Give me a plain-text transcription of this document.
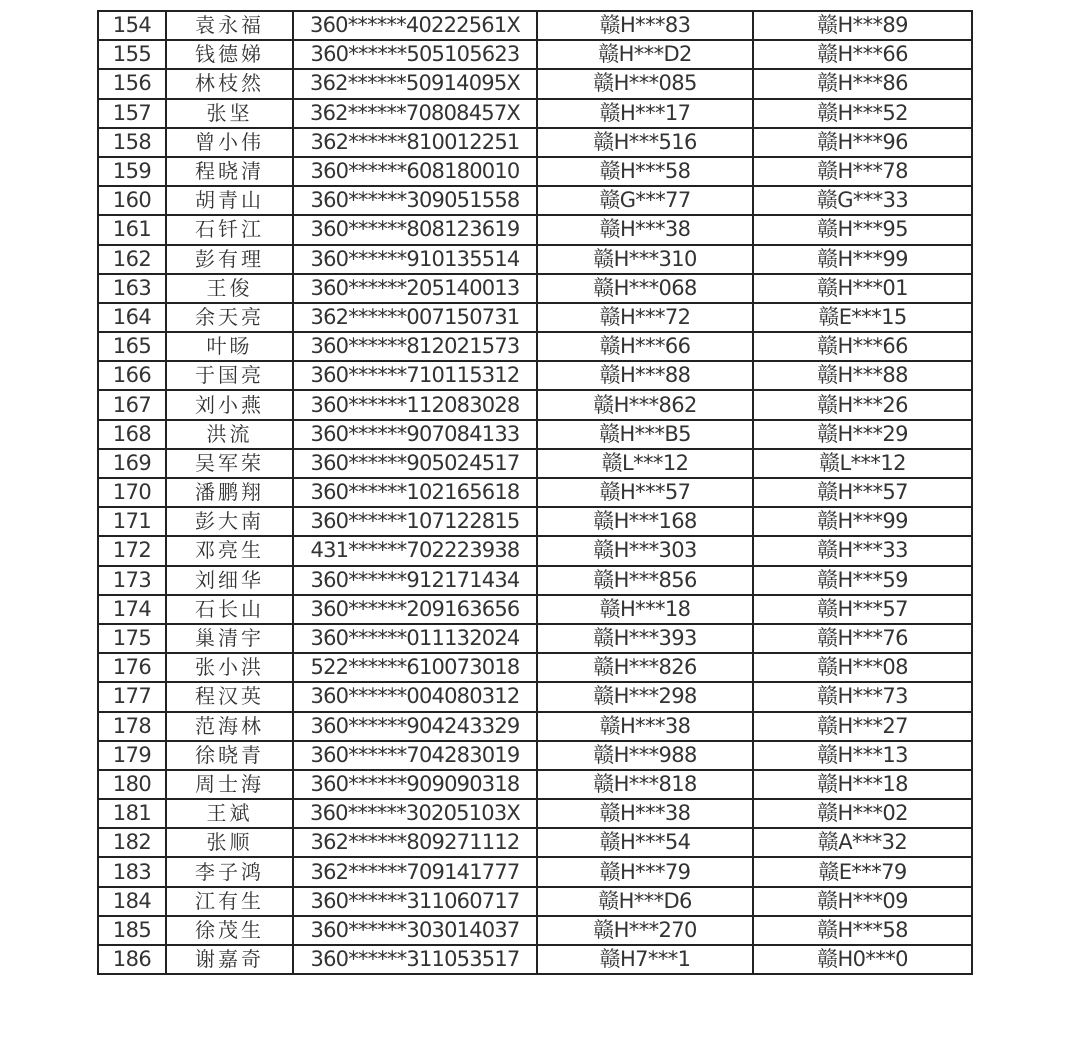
154	袁永福	360******40222561X	赣H***83	赣H***89
155	钱德娣	360******505105623	赣H***D2	赣H***66
156	林枝然	362******50914095X	赣H***085	赣H***86
157	张坚	362******70808457X	赣H***17	赣H***52
158	曾小伟	362******810012251	赣H***516	赣H***96
159	程晓清	360******608180010	赣H***58	赣H***78
160	胡青山	360******309051558	赣G***77	赣G***33
161	石钎江	360******808123619	赣H***38	赣H***95
162	彭有理	360******910135514	赣H***310	赣H***99
163	王俊	360******205140013	赣H***068	赣H***01
164	余天亮	362******007150731	赣H***72	赣E***15
165	叶旸	360******812021573	赣H***66	赣H***66
166	于国亮	360******710115312	赣H***88	赣H***88
167	刘小燕	360******112083028	赣H***862	赣H***26
168	洪流	360******907084133	赣H***B5	赣H***29
169	吴军荣	360******905024517	赣L***12	赣L***12
170	潘鹏翔	360******102165618	赣H***57	赣H***57
171	彭大南	360******107122815	赣H***168	赣H***99
172	邓亮生	431******702223938	赣H***303	赣H***33
173	刘细华	360******912171434	赣H***856	赣H***59
174	石长山	360******209163656	赣H***18	赣H***57
175	巢清宇	360******011132024	赣H***393	赣H***76
176	张小洪	522******610073018	赣H***826	赣H***08
177	程汉英	360******004080312	赣H***298	赣H***73
178	范海林	360******904243329	赣H***38	赣H***27
179	徐晓青	360******704283019	赣H***988	赣H***13
180	周士海	360******909090318	赣H***818	赣H***18
181	王斌	360******30205103X	赣H***38	赣H***02
182	张顺	362******809271112	赣H***54	赣A***32
183	李子鸿	362******709141777	赣H***79	赣E***79
184	江有生	360******311060717	赣H***D6	赣H***09
185	徐茂生	360******303014037	赣H***270	赣H***58
186	谢嘉奇	360******311053517	赣H7***1	赣H0***0
